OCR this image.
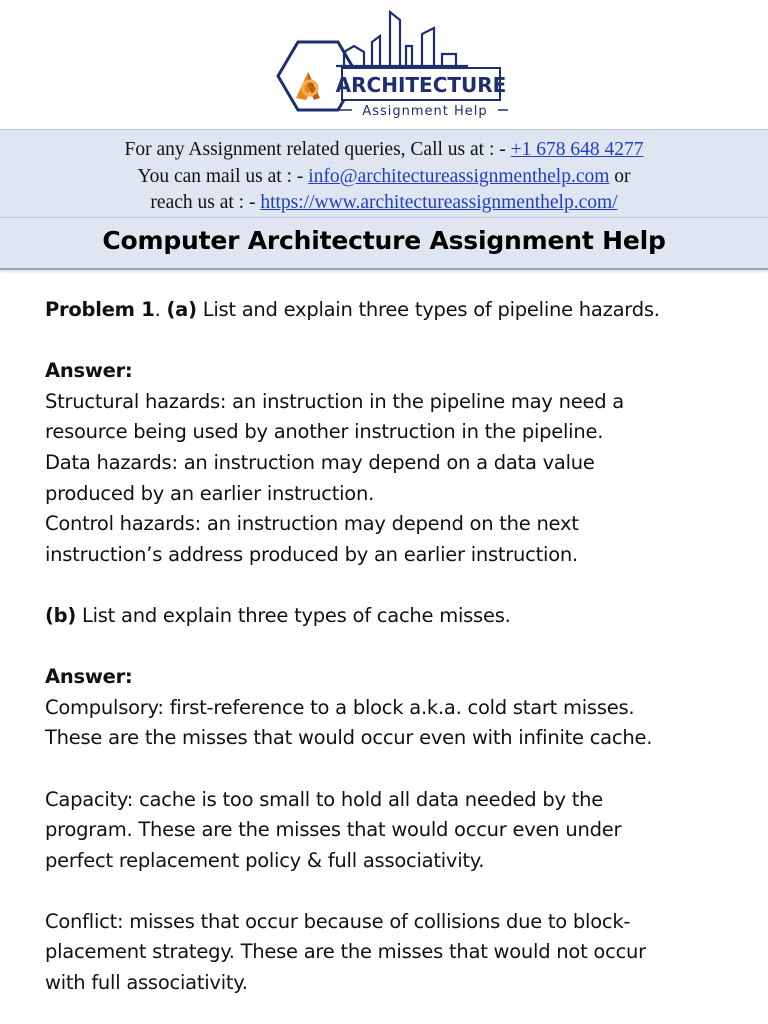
ARCHITECTURE
Assignment Help
For any Assignment related queries, Call us at : - +1 678 648 4277
You can mail us at : - info@architectureassignmenthelp.com or
reach us at : - https://www.architectureassignmenthelp.com/
Computer Architecture Assignment Help

Problem 1. (a) List and explain three types of pipeline hazards.

Answer:

Structural hazards: an instruction in the pipeline may need a

resource being used by another instruction in the pipeline.

Data hazards: an instruction may depend on a data value

produced by an earlier instruction.

Control hazards: an instruction may depend on the next

instruction’s address produced by an earlier instruction.

(b) List and explain three types of cache misses.

Answer:

Compulsory: first-reference to a block a.k.a. cold start misses.

These are the misses that would occur even with infinite cache.

Capacity: cache is too small to hold all data needed by the

program. These are the misses that would occur even under

perfect replacement policy & full associativity.

Conflict: misses that occur because of collisions due to block-

placement strategy. These are the misses that would not occur

with full associativity.
